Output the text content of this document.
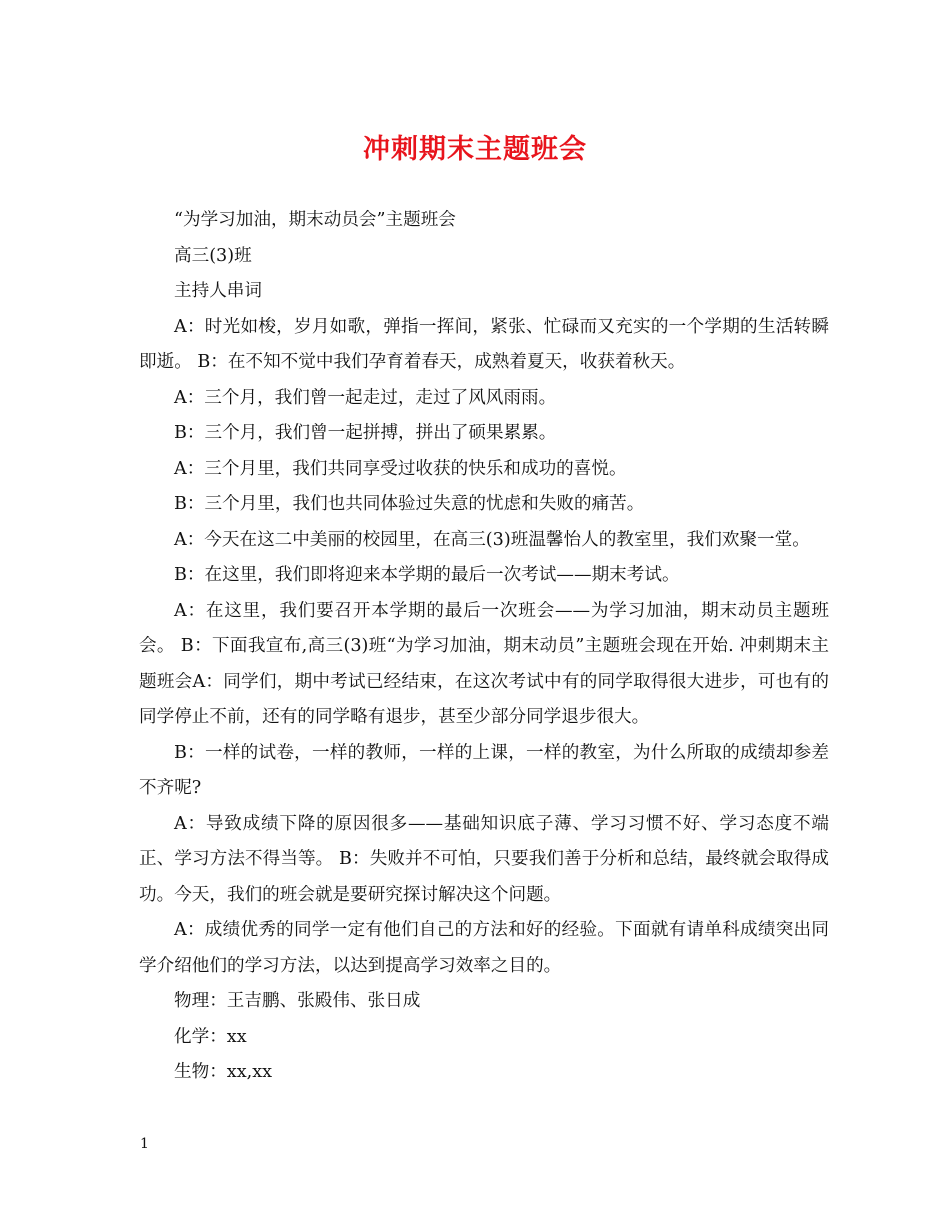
冲刺期末主题班会

“为学习加油，期末动员会”主题班会

高三(3)班

主持人串词

A：时光如梭，岁月如歌，弹指一挥间，紧张、忙碌而又充实的一个学期的生活转瞬即逝。 B：在不知不觉中我们孕育着春天，成熟着夏天，收获着秋天。

A：三个月，我们曾一起走过，走过了风风雨雨。

B：三个月，我们曾一起拼搏，拼出了硕果累累。

A：三个月里，我们共同享受过收获的快乐和成功的喜悦。

B：三个月里，我们也共同体验过失意的忧虑和失败的痛苦。

A：今天在这二中美丽的校园里，在高三(3)班温馨怡人的教室里，我们欢聚一堂。

B：在这里，我们即将迎来本学期的最后一次考试——期末考试。

A：在这里，我们要召开本学期的最后一次班会——为学习加油，期末动员主题班会。 B：下面我宣布,高三(3)班“为学习加油，期末动员”主题班会现在开始. 冲刺期末主题班会A：同学们，期中考试已经结束，在这次考试中有的同学取得很大进步，可也有的同学停止不前，还有的同学略有退步，甚至少部分同学退步很大。

B：一样的试卷，一样的教师，一样的上课，一样的教室，为什么所取的成绩却参差不齐呢?

A：导致成绩下降的原因很多——基础知识底子薄、学习习惯不好、学习态度不端正、学习方法不得当等。 B：失败并不可怕，只要我们善于分析和总结，最终就会取得成功。今天，我们的班会就是要研究探讨解决这个问题。

A：成绩优秀的同学一定有他们自己的方法和好的经验。下面就有请单科成绩突出同学介绍他们的学习方法，以达到提高学习效率之目的。

物理：王吉鹏、张殿伟、张日成

化学：xx

生物：xx,xx

1
